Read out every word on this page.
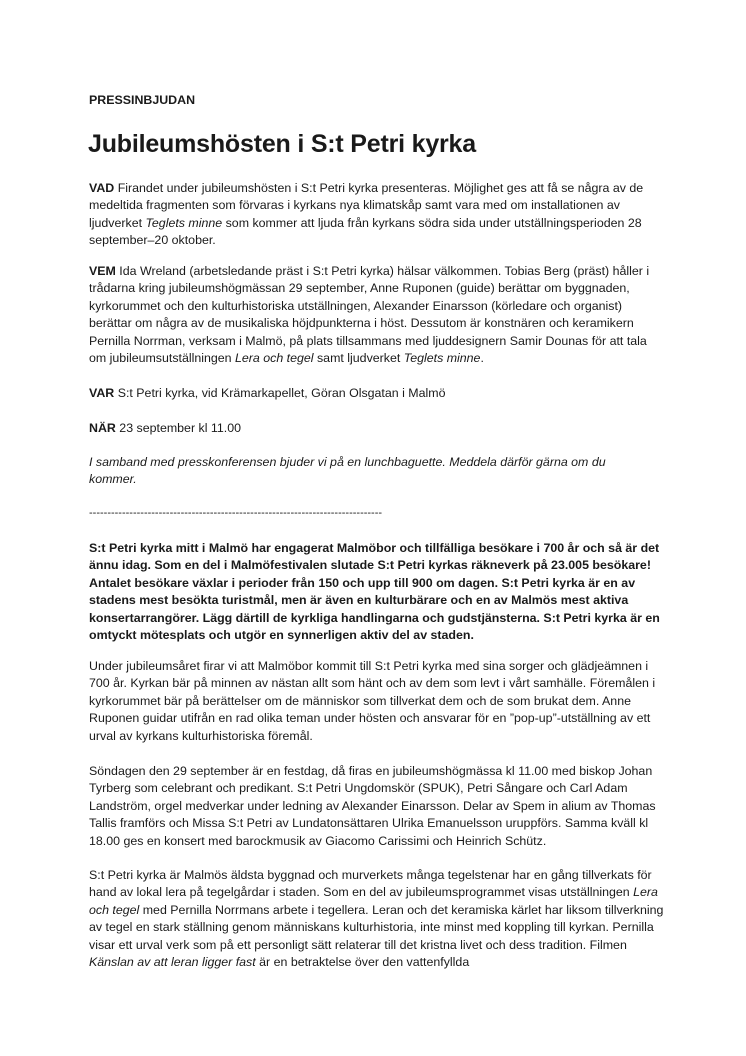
PRESSINBJUDAN
Jubileumshösten i S:t Petri kyrka

VAD Firandet under jubileumshösten i S:t Petri kyrka presenteras. Möjlighet ges att få se några av de medeltida fragmenten som förvaras i kyrkans nya klimatskåp samt vara med om installationen av ljudverket Teglets minne som kommer att ljuda från kyrkans södra sida under utställningsperioden 28 september–20 oktober.

VEM Ida Wreland (arbetsledande präst i S:t Petri kyrka) hälsar välkommen. Tobias Berg (präst) håller i trådarna kring jubileumshögmässan 29 september, Anne Ruponen (guide) berättar om byggnaden, kyrkorummet och den kulturhistoriska utställningen, Alexander Einarsson (körledare och organist) berättar om några av de musikaliska höjdpunkterna i höst. Dessutom är konstnären och keramikern Pernilla Norrman, verksam i Malmö, på plats tillsammans med ljuddesignern Samir Dounas för att tala om jubileumsutställningen Lera och tegel samt ljudverket Teglets minne.

VAR S:t Petri kyrka, vid Krämarkapellet, Göran Olsgatan i Malmö

NÄR 23 september kl 11.00

I samband med presskonferensen bjuder vi på en lunchbaguette. Meddela därför gärna om du kommer.

--------------------------------------------------------------------------------

S:t Petri kyrka mitt i Malmö har engagerat Malmöbor och tillfälliga besökare i 700 år och så är det ännu idag. Som en del i Malmöfestivalen slutade S:t Petri kyrkas räkneverk på 23.005 besökare! Antalet besökare växlar i perioder från 150 och upp till 900 om dagen. S:t Petri kyrka är en av stadens mest besökta turistmål, men är även en kulturbärare och en av Malmös mest aktiva konsertarrangörer. Lägg därtill de kyrkliga handlingarna och gudstjänsterna. S:t Petri kyrka är en omtyckt mötesplats och utgör en synnerligen aktiv del av staden.

Under jubileumsåret firar vi att Malmöbor kommit till S:t Petri kyrka med sina sorger och glädjeämnen i 700 år. Kyrkan bär på minnen av nästan allt som hänt och av dem som levt i vårt samhälle. Föremålen i kyrkorummet bär på berättelser om de människor som tillverkat dem och de som brukat dem. Anne Ruponen guidar utifrån en rad olika teman under hösten och ansvarar för en ”pop-up”-utställning av ett urval av kyrkans kulturhistoriska föremål.

Söndagen den 29 september är en festdag, då firas en jubileumshögmässa kl 11.00 med biskop Johan Tyrberg som celebrant och predikant. S:t Petri Ungdomskör (SPUK), Petri Sångare och Carl Adam Landström, orgel medverkar under ledning av Alexander Einarsson. Delar av Spem in alium av Thomas Tallis framförs och Missa S:t Petri av Lundatonsättaren Ulrika Emanuelsson uruppförs. Samma kväll kl 18.00 ges en konsert med barockmusik av Giacomo Carissimi och Heinrich Schütz.

S:t Petri kyrka är Malmös äldsta byggnad och murverkets många tegelstenar har en gång tillverkats för hand av lokal lera på tegelgårdar i staden. Som en del av jubileumsprogrammet visas utställningen Lera och tegel med Pernilla Norrmans arbete i tegellera. Leran och det keramiska kärlet har liksom tillverkning av tegel en stark ställning genom människans kulturhistoria, inte minst med koppling till kyrkan. Pernilla visar ett urval verk som på ett personligt sätt relaterar till det kristna livet och dess tradition. Filmen Känslan av att leran ligger fast är en betraktelse över den vattenfyllda
